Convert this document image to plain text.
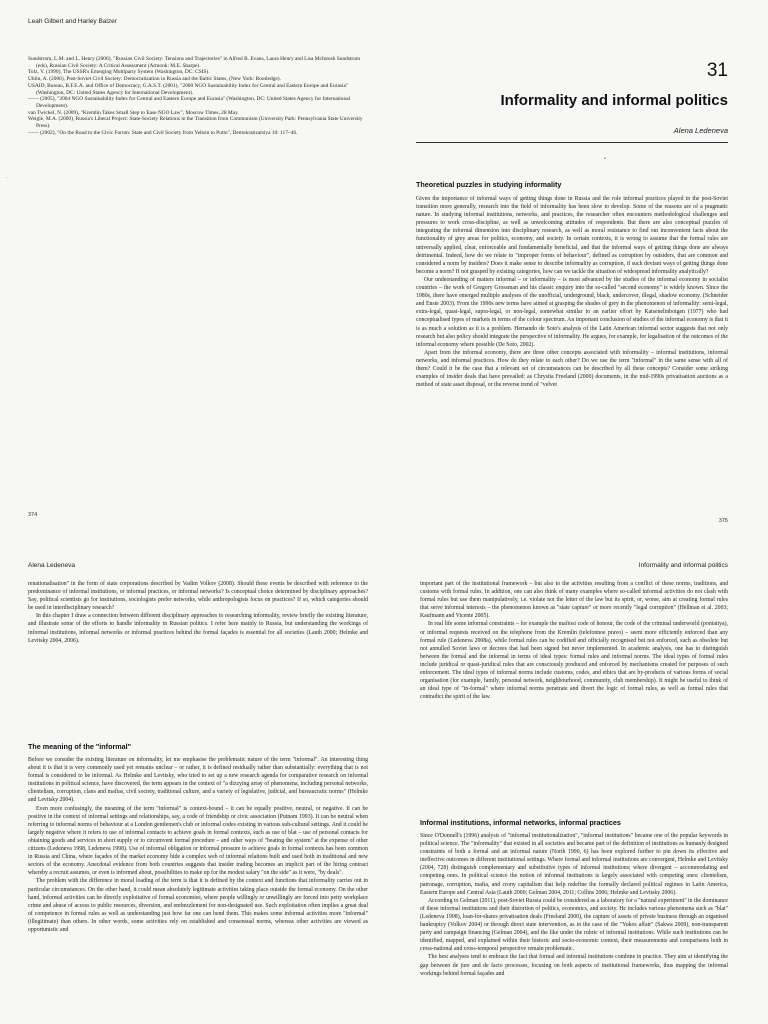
Leah Gilbert and Harley Balzer

Sundstrom, L.M. and L. Henry (2006), "Russian Civil Society: Tensions and Trajectories" in Alfred B. Evans, Laura Henry and Lisa McIntosh Sundstrom (eds), Russian Civil Society: A Critical Assessment (Armonk: M.E. Sharpe).

Tolz, V. (1990), The USSR's Emerging Multiparty System (Washington, DC: CSIS).

Uhlin, A. (2006), Post-Soviet Civil Society: Democratization in Russia and the Baltic States, (New York: Routledge).

USAID, Bureau, B.F.E.A. and Office of Democracy, G.A.S.T. (2001), "2000 NGO Sustainability Index for Central and Eastern Europe and Eurasia" (Washington, DC: United States Agency for International Development).

—— (2005), "2004 NGO Sustainability Index for Central and Eastern Europe and Eurasia" (Washington, DC: United States Agency for International Development).

van Twickel, N. (2009), "Kremlin Takes Small Step to Ease NGO Law", Moscow Times, 28 May.

Weigle, M.A. (2000), Russia's Liberal Project: State-Society Relations in the Transition from Communism (University Park: Pennsylvania State University Press).

—— (2002), "On the Road to the Civic Forum: State and Civil Society from Yeltsin to Putin", Demokratizatsiya 10: 117–46.

·
374
31
Informality and informal politics
Alena Ledeneva
•
Theoretical puzzles in studying informality

Given the importance of informal ways of getting things done in Russia and the role informal practices played in the post-Soviet transition more generally, research into the field of informality has been slow to develop. Some of the reasons are of a pragmatic nature. In studying informal institutions, networks, and practices, the researcher often encounters methodological challenges and pressures to work cross-discipline, as well as unwelcoming attitudes of respondents. But there are also conceptual puzzles of integrating the informal dimension into disciplinary research, as well as moral resistance to find out inconvenient facts about the functionality of grey areas for politics, economy, and society. In certain contexts, it is wrong to assume that the formal rules are universally applied, clear, enforceable and fundamentally beneficial, and that the informal ways of getting things done are always detrimental. Indeed, how do we relate to "improper forms of behaviour", defined as corruption by outsiders, that are common and considered a norm by insiders? Does it make sense to describe informality as corruption, if such deviant ways of getting things done become a norm? If not grasped by existing categories, how can we tackle the situation of widespread informality analytically?

Our understanding of matters informal – or informality – is most advanced by the studies of the informal economy in socialist countries – the work of Gregory Grossman and his classic enquiry into the so-called "second economy" is widely known. Since the 1980s, there have emerged multiple analyses of the unofficial, underground, black, undercover, illegal, shadow economy. (Schneider and Enste 2003). From the 1990s new terms have aimed at grasping the shades of grey in the phenomenon of informality: semi-legal, extra-legal, quasi-legal, supra-legal, or non-legal, somewhat similar to an earlier effort by Katsenelinboigen (1977) who had conceptualised types of markets in terms of the colour spectrum. An important conclusion of studies of the informal economy is that it is as much a solution as it is a problem. Hernando de Soto's analysis of the Latin American informal sector suggests that not only research but also policy should integrate the perspective of informality. He argues, for example, for legalisation of the outcomes of the informal economy where possible (De Soto, 2002).

Apart from the informal economy, there are three other concepts associated with informality – informal institutions, informal networks, and informal practices. How do they relate to each other? Do we use the term "informal" in the same sense with all of them? Could it be the case that a relevant set of circumstances can be described by all these concepts? Consider some striking examples of insider deals that have prevailed: as Chrystia Freeland (2000) documents, in the mid-1990s privatisation auctions as a method of state asset disposal, or the reverse trend of "velvet

375
Alena Ledeneva

renationalisation" in the form of state corporations described by Vadim Volkov (2008). Should these events be described with reference to the predominance of informal institutions, or informal practices, or informal networks? Is conceptual choice determined by disciplinary approaches? Say, political scientists go for institutions, sociologists prefer networks, while anthropologists focus on practices? If so, which categories should be used in interdisciplinary research?

In this chapter I draw a connection between different disciplinary approaches to researching informality, review briefly the existing literature, and illustrate some of the efforts to handle informality in Russian politics. I refer here mainly to Russia, but understanding the workings of informal institutions, informal networks or informal practices behind the formal façades is essential for all societies (Lauth 2000; Helmke and Levitsky 2004, 2006).

The meaning of the "informal"

Before we consider the existing literature on informality, let me emphasise the problematic nature of the term "informal". An interesting thing about it is that it is very commonly used yet remains unclear – or rather, it is defined residually rather than substantially: everything that is not formal is considered to be informal. As Helmke and Levitsky, who tried to set up a new research agenda for comparative research on informal institutions in political science, have discovered, the term appears in the context of "a dizzying array of phenomena, including personal networks, clientelism, corruption, clans and mafias, civil society, traditional culture, and a variety of legislative, judicial, and bureaucratic norms" (Helmke and Levitsky 2004).

Even more confusingly, the meaning of the term "informal" is context-bound – it can be equally positive, neutral, or negative. It can be positive in the context of informal settings and relationships, say, a code of friendship or civic association (Putnam 1993). It can be neutral when referring to informal norms of behaviour at a London gentlemen's club or informal codes existing in various sub-cultural settings. And it could be largely negative where it refers to use of informal contacts to achieve goals in formal contexts, such as use of blat – use of personal contacts for obtaining goods and services in short supply or to circumvent formal procedure – and other ways of "beating the system" at the expense of other citizens (Ledeneva 1998, Ledeneva 1998). Use of informal obligation or informal pressure to achieve goals in formal contexts has been common in Russia and China, where façades of the market economy hide a complex web of informal relations built and used both in traditional and new sectors of the economy. Anecdotal evidence from both countries suggests that insider trading becomes an implicit part of the hiring contract whereby a recruit assumes, or even is informed about, possibilities to make up for the modest salary "on the side" as it were, "by deals".

The problem with the difference in moral loading of the term is that it is defined by the context and functions that informality carries out in particular circumstances. On the other hand, it could mean absolutely legitimate activities taking place outside the formal economy. On the other hand, informal activities can be directly exploitative of formal economies, where people willingly or unwillingly are forced into petty workplace crime and abuse of access to public resources, diversion, and embezzlement for non-designated use. Such exploitation often implies a great deal of competence in formal rules as well as understanding just how far one can bend them. This makes some informal activities more "informal" (illegitimate) than others. In other words, some activities rely on established and consensual norms, whereas other activities are viewed as opportunistic and

Informality and informal politics

important part of the institutional framework – but also to the activities resulting from a conflict of these norms, traditions, and customs with formal rules. In addition, one can also think of many examples where so-called informal activities do not clash with formal rules but use them manipulatively, i.e. violate not the letter of the law but its spirit, or, worse, aim at creating formal rules that serve informal interests – the phenomenon known as "state capture" or more recently "legal corruption" (Hellman et al. 2003; Kaufmann and Vicente 2005).

In real life some informal constraints – for example the mafiosi code of honour, the code of the criminal underworld (poniatiya), or informal requests received on the telephone from the Kremlin (telefonnoe pravo) – seem more efficiently enforced than any formal rule (Ledeneva 2008a), while formal rules can be codified and officially recognised but not enforced, such as obsolete but not annulled Soviet laws or decrees that had been signed but never implemented. In academic analysis, one has to distinguish between the formal and the informal in terms of ideal types: formal rules and informal norms. The ideal types of formal rules include juridical or quasi-juridical rules that are consciously produced and enforced by mechanisms created for purposes of such enforcement. The ideal types of informal norms include customs, codes, and ethics that are by-products of various forms of social organisation (for example, family, personal network, neighbourhood, community, club membership). It might be useful to think of an ideal type of "in-formal" where informal norms penetrate and divert the logic of formal rules, as well as formal rules that contradict the spirit of the law.

Informal institutions, informal networks, informal practices

Since O'Donnell's (1996) analysis of "informal institutionalization", "informal institutions" became one of the popular keywords in political science. The "informality" that existed in all societies and became part of the definition of institutions as humanly designed constraints of both a formal and an informal nature (North 1990, 6) has been explored further to pin down its effective and ineffective outcomes in different institutional settings. Where formal and informal institutions are convergent, Helmke and Levitsky (2004, 728) distinguish complementary and substitutive types of informal institutions; where divergent – accommodating and competing ones. In political science the notion of informal institutions is largely associated with competing ones: clientelism, patronage, corruption, mafia, and crony capitalism that help redefine the formally declared political regimes in Latin America, Eastern Europe and Central Asia (Lauth 2000; Gelman 2004, 2011; Collins 2006; Helmke and Levitsky 2006).

According to Gelman (2011), post-Soviet Russia could be considered as a laboratory for a "natural experiment" in the dominance of these informal institutions and their distortion of politics, economics, and society. He includes various phenomena such as "blat" (Ledeneva 1998), loan-for-shares privatisation deals (Freeland 2000), the capture of assets of private business through an organised bankruptcy (Volkov 2004) or through direct state intervention, as in the case of the "Yukos affair" (Sakwa 2009), non-transparent party and campaign financing (Gelman 2004), and the like under the rubric of informal institutions. While such institutions can be identified, mapped, and explained within their historic and socio-economic context, their measurements and comparisons both in cross-national and cross-temporal perspective remain problematic.

The best analyses tend to embrace the fact that formal and informal institutions combine in practice. They aim at identifying the gap between de jure and de facto processes, focusing on both aspects of institutional frameworks, thus mapping the informal workings behind formal façades and
